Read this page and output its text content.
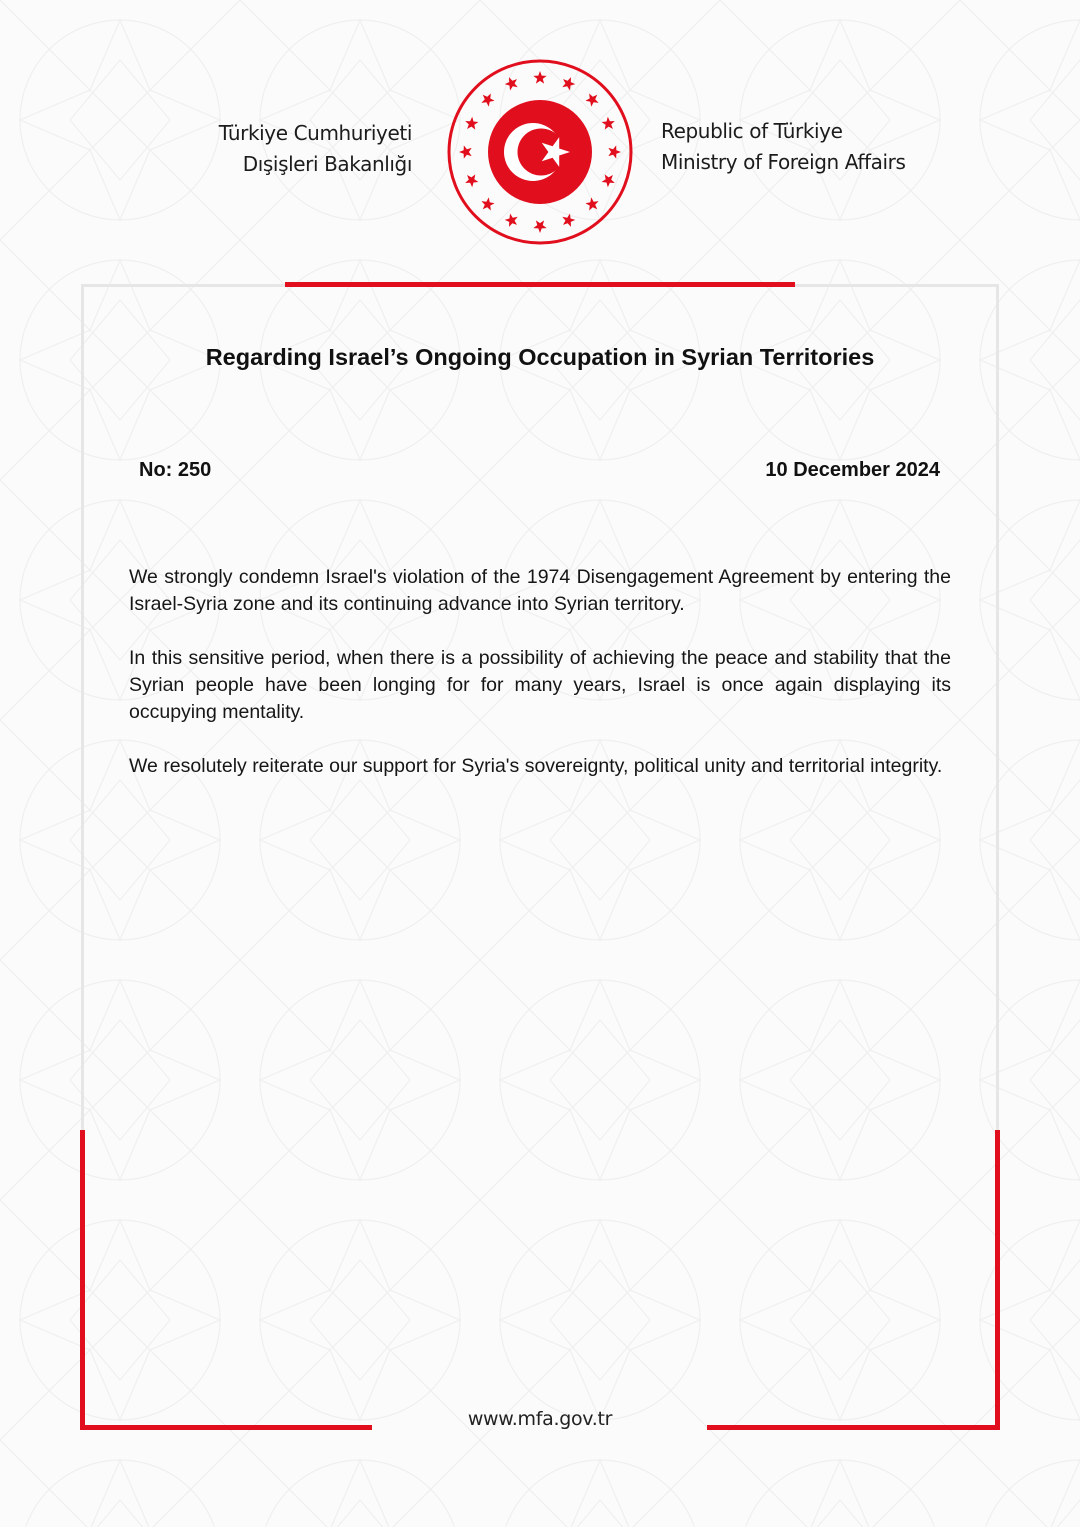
Türkiye Cumhuriyeti
Dışişleri Bakanlığı
Republic of Türkiye
Ministry of Foreign Affairs
Regarding Israel’s Ongoing Occupation in Syrian Territories
No: 250	10 December 2024

We strongly condemn Israel's violation of the 1974 Disengagement Agreement by entering the Israel-Syria zone and its continuing advance into Syrian territory.

In this sensitive period, when there is a possibility of achieving the peace and stability that the Syrian people have been longing for for many years, Israel is once again displaying its occupying mentality.

We resolutely reiterate our support for Syria's sovereignty, political unity and territorial integrity.

www.mfa.gov.tr
